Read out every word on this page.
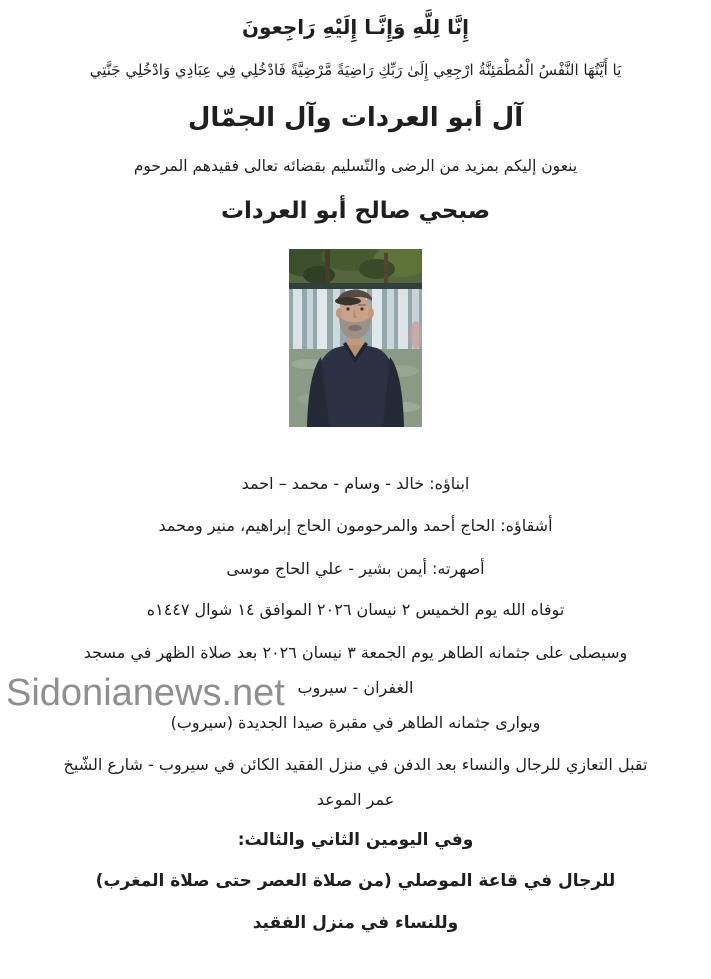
إِنَّا لِلَّهِ وَإِنَّـا إِلَيْهِ رَاجِعونَ
يَا أَيَّتُهَا النَّفْسُ الْمُطْمَئِنَّةُ ارْجِعِي إِلَىٰ رَبِّكِ رَاضِيَةً مَّرْضِيَّةً فَادْخُلِي فِي عِبَادِي وَادْخُلِي جَنَّتِي
آل أبو العردات وآل الجمّال
ينعون إليكم بمزيد من الرضى والتّسليم بقضائه تعالى فقيدهم المرحوم
صبحي صالح أبو العردات
ابناؤه: خالد - وسام - محمد – احمد
أشقاؤه: الحاج أحمد والمرحومون الحاج إبراهيم، منير ومحمد
أصهرته: أيمن بشير - علي الحاج موسى
توفاه الله يوم الخميس ٢ نيسان ٢٠٢٦ الموافق ١٤ شوال ١٤٤٧ه
وسيصلى على جثمانه الطاهر يوم الجمعة ٣ نيسان ٢٠٢٦ بعد صلاة الظهر في مسجد
الغفران - سيروب
ويوارى جثمانه الطاهر في مقبرة صيدا الجديدة (سيروب)
تقبل التعازي للرجال والنساء بعد الدفن في منزل الفقيد الكائن في سيروب - شارع الشّيخ
عمر الموعد
وفي اليومين الثاني والثالث:
للرجال في قاعة الموصلي (من صلاة العصر حتى صلاة المغرب)
وللنساء في منزل الفقيد
Sidonianews.net
